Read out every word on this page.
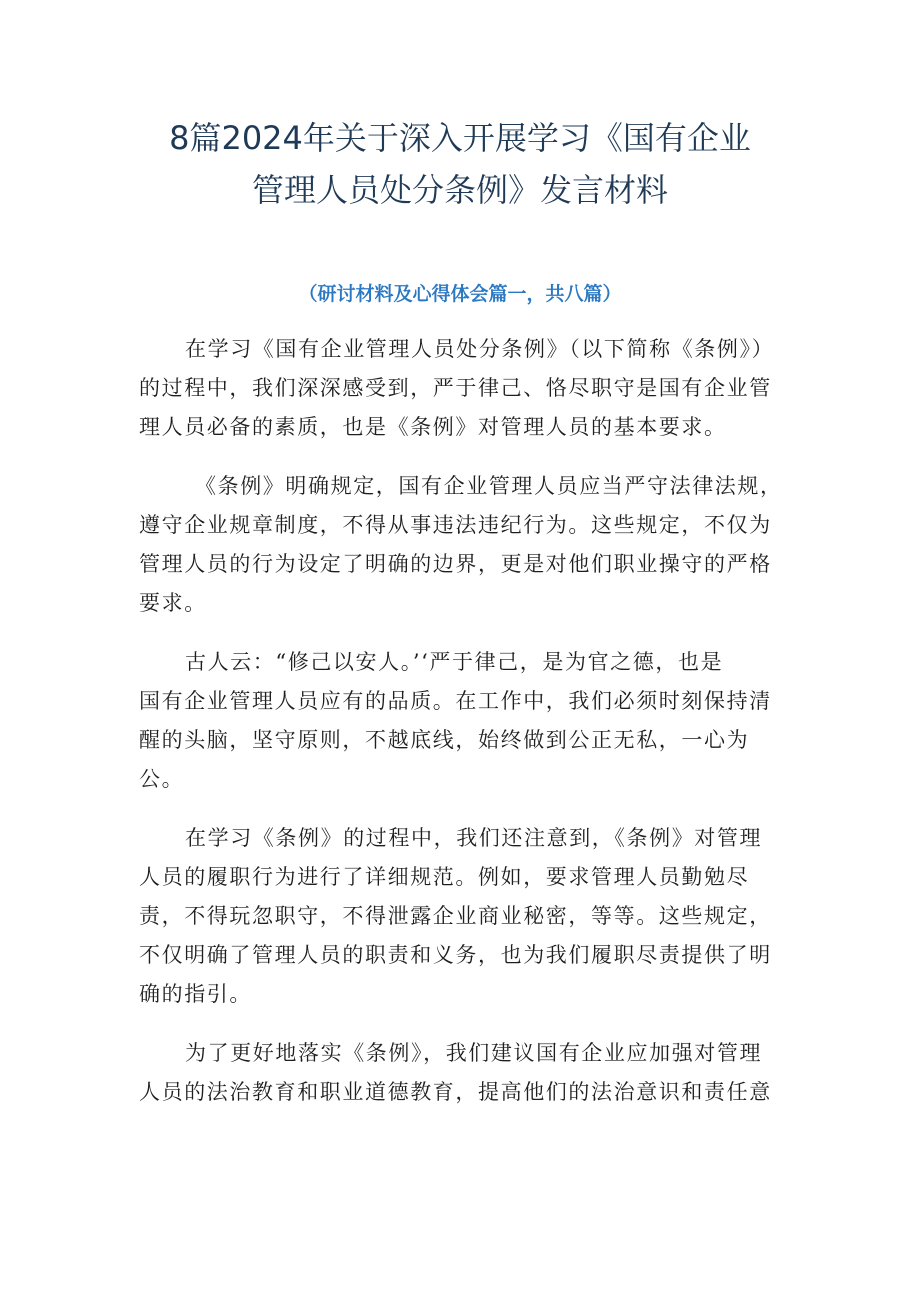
8篇2024年关于深入开展学习《国有企业
管理人员处分条例》发言材料

（研讨材料及心得体会篇一，共八篇）

在学习《国有企业管理人员处分条例》（以下简称《条例》）
的过程中，我们深深感受到，严于律己、恪尽职守是国有企业管
理人员必备的素质，也是《条例》对管理人员的基本要求。

《条例》明确规定，国有企业管理人员应当严守法律法规，
遵守企业规章制度，不得从事违法违纪行为。这些规定，不仅为
管理人员的行为设定了明确的边界，更是对他们职业操守的严格
要求。

古人云：“修己以安人。’‘严于律己，是为官之德，也是
国有企业管理人员应有的品质。在工作中，我们必须时刻保持清
醒的头脑，坚守原则，不越底线，始终做到公正无私，一心为
公。

在学习《条例》的过程中，我们还注意到，《条例》对管理
人员的履职行为进行了详细规范。例如，要求管理人员勤勉尽
责，不得玩忽职守，不得泄露企业商业秘密，等等。这些规定，
不仅明确了管理人员的职责和义务，也为我们履职尽责提供了明
确的指引。

为了更好地落实《条例》，我们建议国有企业应加强对管理
人员的法治教育和职业道德教育，提高他们的法治意识和责任意
